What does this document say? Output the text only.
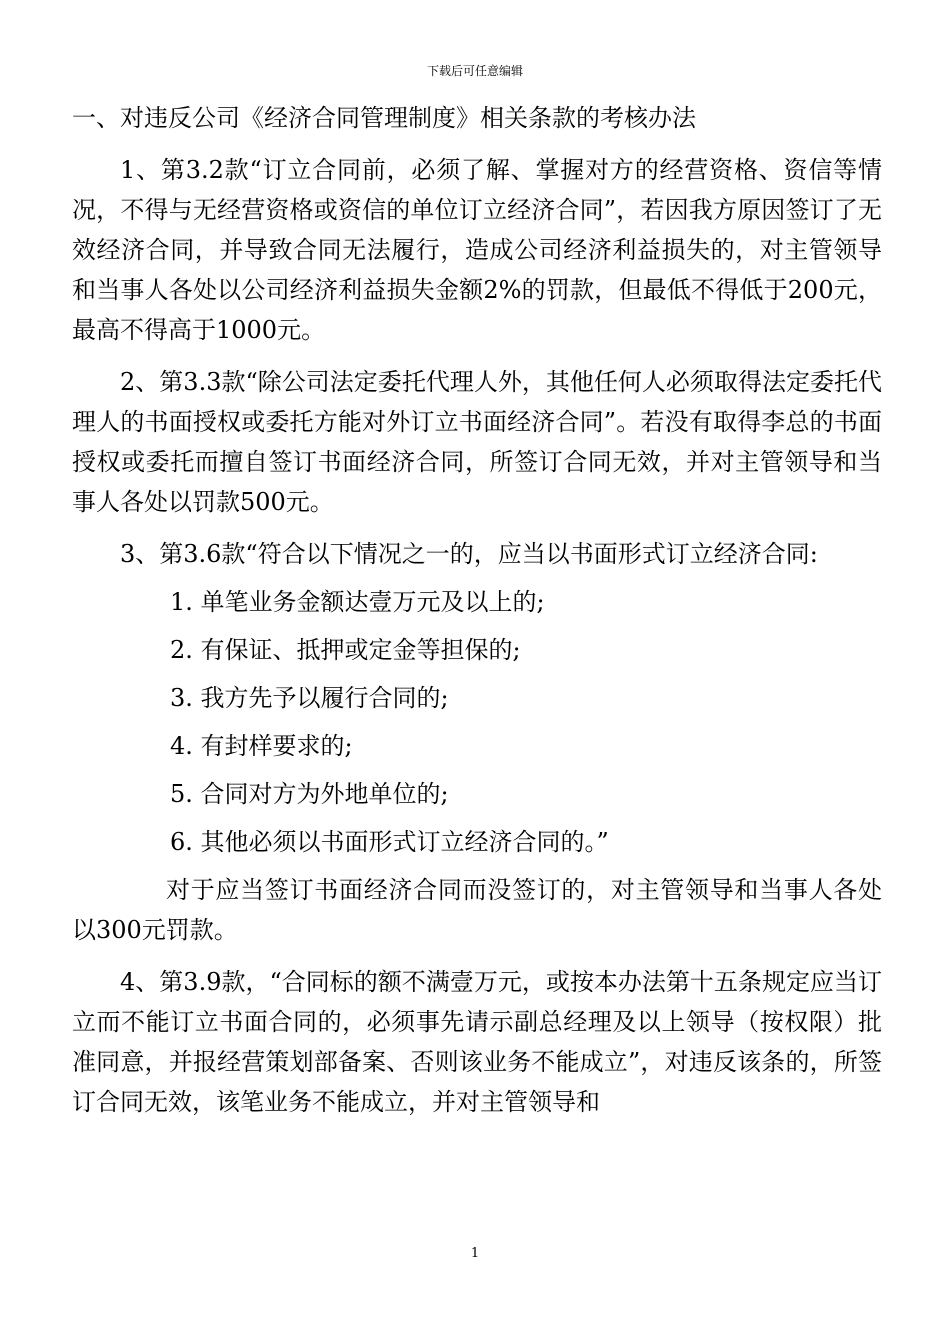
下载后可任意编辑

一、对违反公司《经济合同管理制度》相关条款的考核办法

1、第3.2款“订立合同前，必须了解、掌握对方的经营资格、资信等情况，不得与无经营资格或资信的单位订立经济合同”，若因我方原因签订了无效经济合同，并导致合同无法履行，造成公司经济利益损失的，对主管领导和当事人各处以公司经济利益损失金额2%的罚款，但最低不得低于200元，最高不得高于1000元。

2、第3.3款“除公司法定委托代理人外，其他任何人必须取得法定委托代理人的书面授权或委托方能对外订立书面经济合同”。若没有取得李总的书面授权或委托而擅自签订书面经济合同，所签订合同无效，并对主管领导和当事人各处以罚款500元。

3、第3.6款“符合以下情况之一的，应当以书面形式订立经济合同:

1. 单笔业务金额达壹万元及以上的;

2. 有保证、抵押或定金等担保的;

3. 我方先予以履行合同的;

4. 有封样要求的;

5. 合同对方为外地单位的;

6. 其他必须以书面形式订立经济合同的。”

对于应当签订书面经济合同而没签订的，对主管领导和当事人各处以300元罚款。

4、第3.9款，“合同标的额不满壹万元，或按本办法第十五条规定应当订立而不能订立书面合同的，必须事先请示副总经理及以上领导（按权限）批准同意，并报经营策划部备案、否则该业务不能成立”，对违反该条的，所签订合同无效，该笔业务不能成立，并对主管领导和

1
